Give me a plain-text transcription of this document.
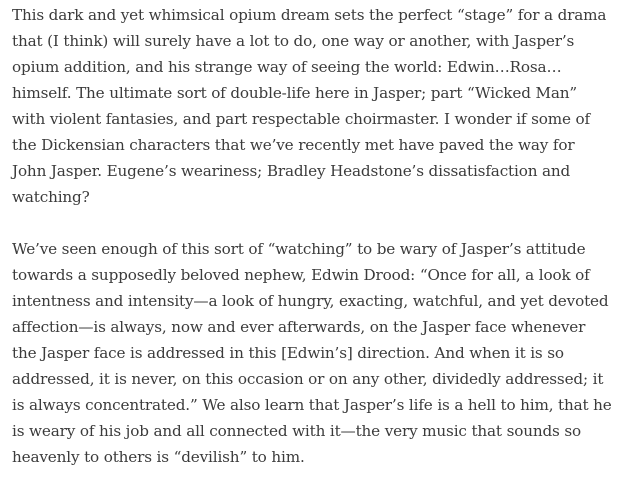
This dark and yet whimsical opium dream sets the perfect “stage” for a drama that (I think) will surely have a lot to do, one way or another, with Jasper’s opium addition, and his strange way of seeing the world: Edwin…Rosa…himself. The ultimate sort of double-life here in Jasper; part “Wicked Man” with violent fantasies, and part respectable choirmaster. I wonder if some of the Dickensian characters that we’ve recently met have paved the way for John Jasper. Eugene’s weariness; Bradley Headstone’s dissatisfaction and watching?

We’ve seen enough of this sort of “watching” to be wary of Jasper’s attitude towards a supposedly beloved nephew, Edwin Drood: “Once for all, a look of intentness and intensity—a look of hungry, exacting, watchful, and yet devoted affection—is always, now and ever afterwards, on the Jasper face whenever the Jasper face is addressed in this [Edwin’s] direction. And when it is so addressed, it is never, on this occasion or on any other, dividedly addressed; it is always concentrated.” We also learn that Jasper’s life is a hell to him, that he is weary of his job and all connected with it—the very music that sounds so heavenly to others is “devilish” to him.
